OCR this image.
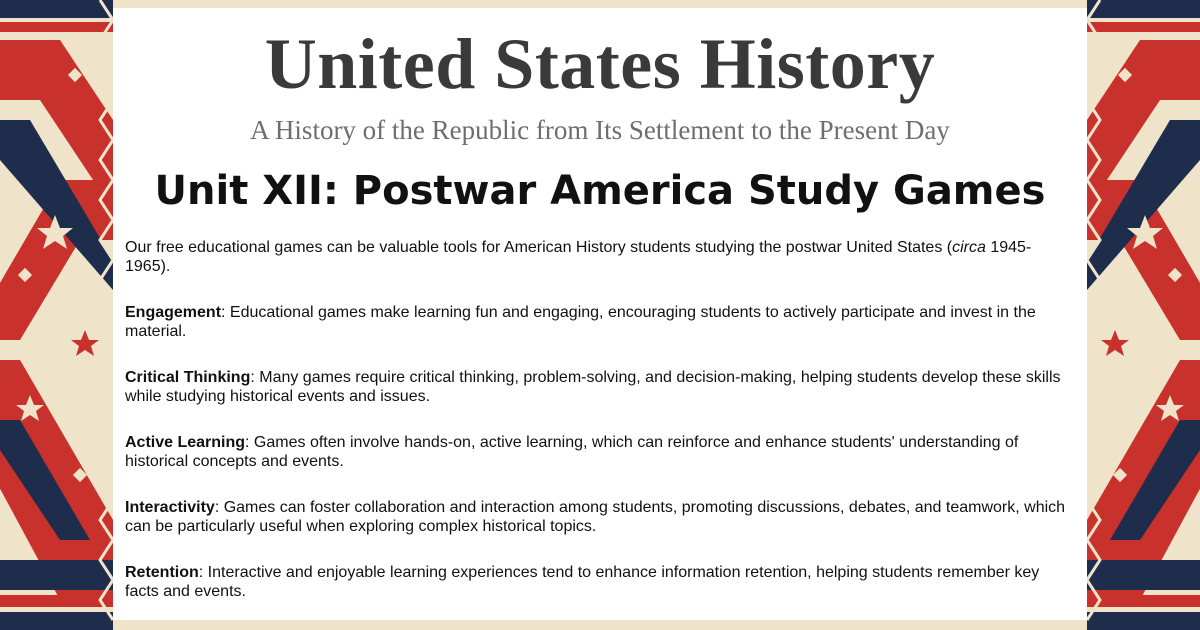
United States History
A History of the Republic from Its Settlement to the Present Day
Unit XII: Postwar America Study Games

Our free educational games can be valuable tools for American History students studying the postwar United States (circa 1945-1965).

Engagement: Educational games make learning fun and engaging, encouraging students to actively participate and invest in the material.

Critical Thinking: Many games require critical thinking, problem-solving, and decision-making, helping students develop these skills while studying historical events and issues.

Active Learning: Games often involve hands-on, active learning, which can reinforce and enhance students' understanding of historical concepts and events.

Interactivity: Games can foster collaboration and interaction among students, promoting discussions, debates, and teamwork, which can be particularly useful when exploring complex historical topics.

Retention: Interactive and enjoyable learning experiences tend to enhance information retention, helping students remember key facts and events.
